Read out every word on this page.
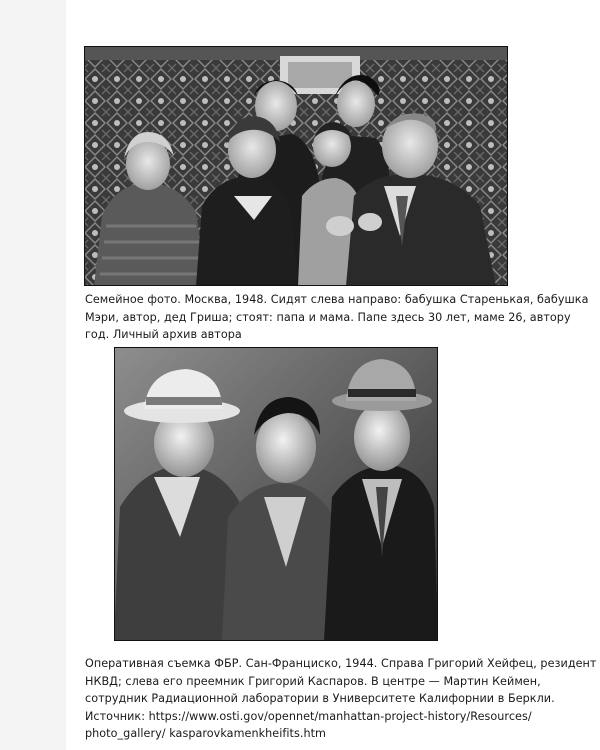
Семейное фото. Москва, 1948. Сидят слева направо: бабушка Старенькая, бабушка
Мэри, автор, дед Гриша; стоят: папа и мама. Папе здесь 30 лет, маме 26, автору
год. Личный архив автора

Оперативная съемка ФБР. Сан-Франциско, 1944. Справа Григорий Хейфец, резидент
НКВД; слева его преемник Григорий Каспаров. В центре — Мартин Кеймен,
сотрудник Радиационной лаборатории в Университете Калифорнии в Беркли.
Источник: https://www.osti.gov/opennet/manhattan-project-history/Resources/
photo_gallery/ kasparovkamenkheifits.htm
